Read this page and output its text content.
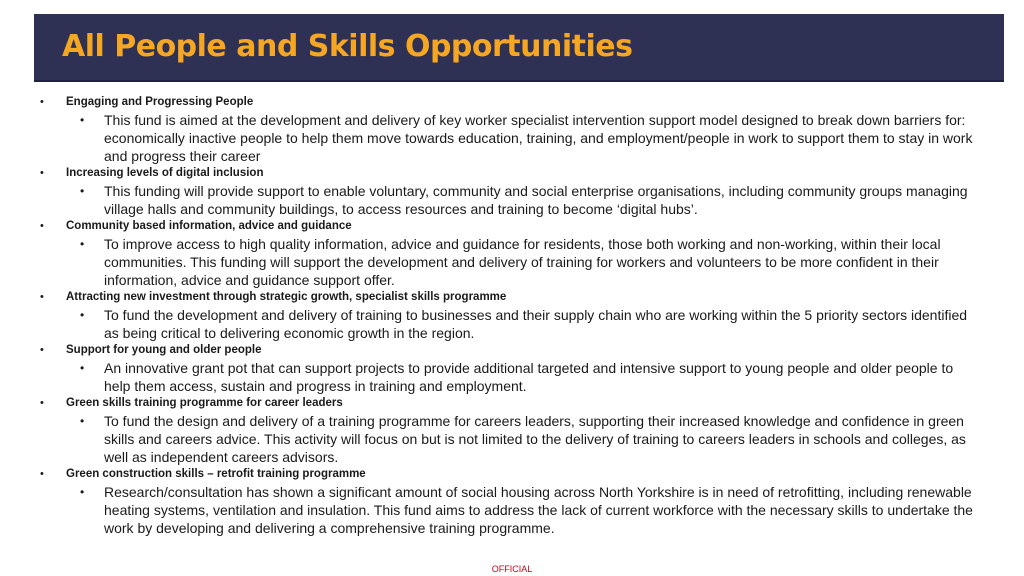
All People and Skills Opportunities
• Engaging and Progressing People
• This fund is aimed at the development and delivery of key worker specialist intervention support model designed to break down barriers for: economically inactive people to help them move towards education, training, and employment/people in work to support them to stay in work and progress their career
• Increasing levels of digital inclusion
• This funding will provide support to enable voluntary, community and social enterprise organisations, including community groups managing village halls and community buildings, to access resources and training to become ‘digital hubs’.
• Community based information, advice and guidance
• To improve access to high quality information, advice and guidance for residents, those both working and non-working, within their local communities. This funding will support the development and delivery of training for workers and volunteers to be more confident in their information, advice and guidance support offer.
• Attracting new investment through strategic growth, specialist skills programme
• To fund the development and delivery of training to businesses and their supply chain who are working within the 5 priority sectors identified as being critical to delivering economic growth in the region.
• Support for young and older people
• An innovative grant pot that can support projects to provide additional targeted and intensive support to young people and older people to help them access, sustain and progress in training and employment.
• Green skills training programme for career leaders
• To fund the design and delivery of a training programme for careers leaders, supporting their increased knowledge and confidence in green skills and careers advice. This activity will focus on but is not limited to the delivery of training to careers leaders in schools and colleges, as well as independent careers advisors.
• Green construction skills – retrofit training programme
• Research/consultation has shown a significant amount of social housing across North Yorkshire is in need of retrofitting, including renewable heating systems, ventilation and insulation. This fund aims to address the lack of current workforce with the necessary skills to undertake the work by developing and delivering a comprehensive training programme.
OFFICIAL
